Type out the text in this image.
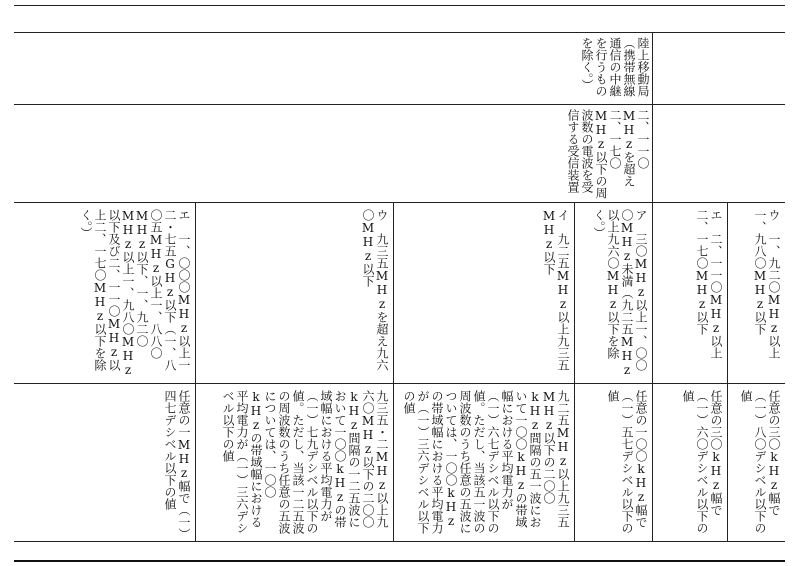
陸上移動局（携帯無線通信の中継を行うものを除く。）
二、一一〇MHzを超え二、一七〇MHz以下の周波数の電波を受信する受信装置
ウ　一、九二〇MHz以上一、九八〇MHz以下
エ　二、一一〇MHz以上二、一七〇MHz以下
ア　三〇MHz以上一、〇〇〇MHz未満（九二五MHz以上九六〇MHz以下を除く。）
イ　九二五MHz以上九三五MHz以下
ウ　九三五MHzを超え九六〇MHz以下
エ　一、〇〇〇MHz以上一二・七五GHz以下（一、八〇五MHz以上一、八八〇MHz以下、一、九二〇MHz以上一、九八〇MHz以下及び二、一一〇MHz以上二、一七〇MHz以下を除く。）
任意の三〇kHz幅で（一）八〇デシベル以下の値
任意の三〇kHz幅で（一）六〇デシベル以下の値
任意の一〇〇kHz幅で（一）五七デシベル以下の値
九二五MHz以上九三五MHz以下の二〇〇kHz間隔の五一波において一〇〇kHzの帯域幅における平均電力が（一）六七デシベル以下の値。ただし、当該五一波の周波数のうち任意の五波については、一〇〇kHzの帯域幅における平均電力が（一）三六デシベル以下の値
九三五・二MHz以上九六〇MHz以下の二〇〇kHz間隔の一二五波において一〇〇kHzの帯域幅における平均電力が（一）七九デシベル以下の値。ただし、当該一二五波の周波数のうち任意の五波については、一〇〇kHzの帯域幅における平均電力が（一）三六デシベル以下の値
任意の一MHz幅で（一）四七デシベル以下の値
